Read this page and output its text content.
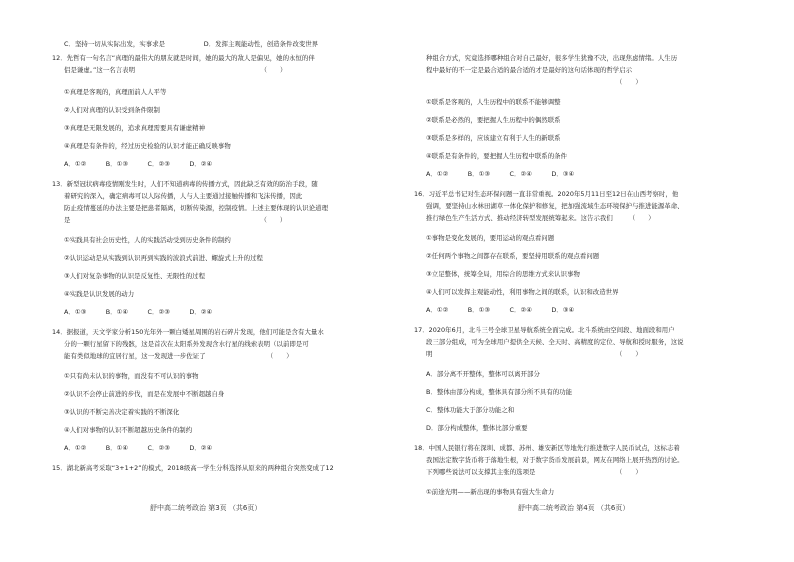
C．坚持一切从实际出发，实事求是　　　　　　D．发挥主观能动性，创造条件改变世界
12．先哲有一句名言“真理的最伟大的朋友就是时间，她的最大的敌人是偏见，她的永恒的伴
侣是谦虚。”这一名言表明　　　　　　　　　　　　　　　　　　　　（　　）
①真理是客观的，真理面前人人平等
②人们对真理的认识受到条件限制
③真理是无限发展的，追求真理需要具有谦虚精神
④真理是有条件的，经过历史检验的认识才能正确反映事物
A．①②　　　B．①③　　　C．②③　　　D．②④
13．新型冠状病毒疫情刚发生时，人们不知道病毒的传播方式，因此缺乏有效的防治手段，随
着研究的深入，确定病毒可以人际传播，人与人主要通过接触传播和飞沫传播，因此
防止疫情蔓延的办法主要是把患者隔离，切断传染源，控制疫情。上述主要体现的认识论道理
是　　　　　　　　　　　　　　　　　　　　　　　　　　　　　　（　　）
①实践具有社会历史性，人的实践活动受到历史条件的制约
②认识运动是从实践到认识再到实践的波浪式前进、螺旋式上升的过程
③人们对复杂事物的认识是反复性、无限性的过程
④实践是认识发展的动力
A．①③　　　B．①④　　　C．②③　　　D．②④
14．据报道，天文学家分析150光年外一颗白矮星周围的岩石碎片发现，他们可能是含有大量水
分的一颗行星留下的残骸，这是首次在太阳系外发现含水行星的线索表明（以前即是可
能有类似地球的宜居行星，这一发现进一步佐证了　　　　　　　　　　（　　）
①只有尚未认识的事物，而没有不可认识的事物
②认识不会停止前进的步伐，而是在发展中不断超越自身
③认识的不断完善决定着实践的不断深化
④人们对事物的认识不断超越历史条件的制约
A．①②　　　B．①④　　　C．②③　　　D．②④
15．湖北新高考采取“3+1+2”的模式，2018级高一学生分科选择从原来的两种组合突然变成了12
舒中高二统考政治 第3页 （共6页）
种组合方式，究竟选择哪种组合对自己最好，很多学生犹豫不决，出现焦虑情绪。人生历
程中最好的不一定是最合适的最合适的才是最好的这句话体现的哲学启示
　　　　　　　　　　　　　　　　　　　　　　　　　　　　　　（　　）
①联系是客观的，人生历程中的联系不能够调整
②联系是必然的，要把握人生历程中的偶然联系
③联系是多样的，应该建立有利于人生的新联系
④联系是有条件的，要把握人生历程中联系的条件
A．①②　　　B．①③　　　C．②④　　　D．③④
16．习近平总书记对生态环保问题一直非常重视。2020年5月11日至12日在山西考察时，他
强调，要坚持山水林田湖草一体化保护和修复，把加强流域生态环境保护与推进能源革命、
推行绿色生产生活方式、推动经济转型发展统筹起来。这告示我们　　　（　　）
①事物是变化发展的，要用运动的观点看问题
②任何两个事物之间都存在联系，要坚持用联系的观点看问题
③立足整体，统筹全局，用综合的思维方式来认识事物
④人们可以发挥主观能动性，利用事物之间的联系，认识和改造世界
A．①②　　　B．①③　　　C．②④　　　D．③④
17．2020年6月，北斗三号全球卫星导航系统全面完成。北斗系统由空间段、地面段和用户
段三部分组成，可为全球用户提供全天候、全天时、高精度的定位、导航和授时服务，这说
明　　　　　　　　　　　　　　　　　　　　　　　　　　　　　（　　）
A．部分离不开整体，整体可以离开部分
B．整体由部分构成，整体具有部分所不具有的功能
C．整体功能大于部分功能之和
D．部分构成整体，整体比部分重要
18．中国人民银行将在深圳、成都、苏州、雄安新区等地先行推进数字人民币试点，这标志着
我国法定数字货币将于落地生根，对于数字货币发展前景，网友在网络上展开热烈的讨论。
下列哪些说法可以支撑其主张的选项是　　　　　　　　　　　　　（　　）
①前途光明——新出现的事物具有强大生命力
舒中高二统考政治 第4页 （共6页）
